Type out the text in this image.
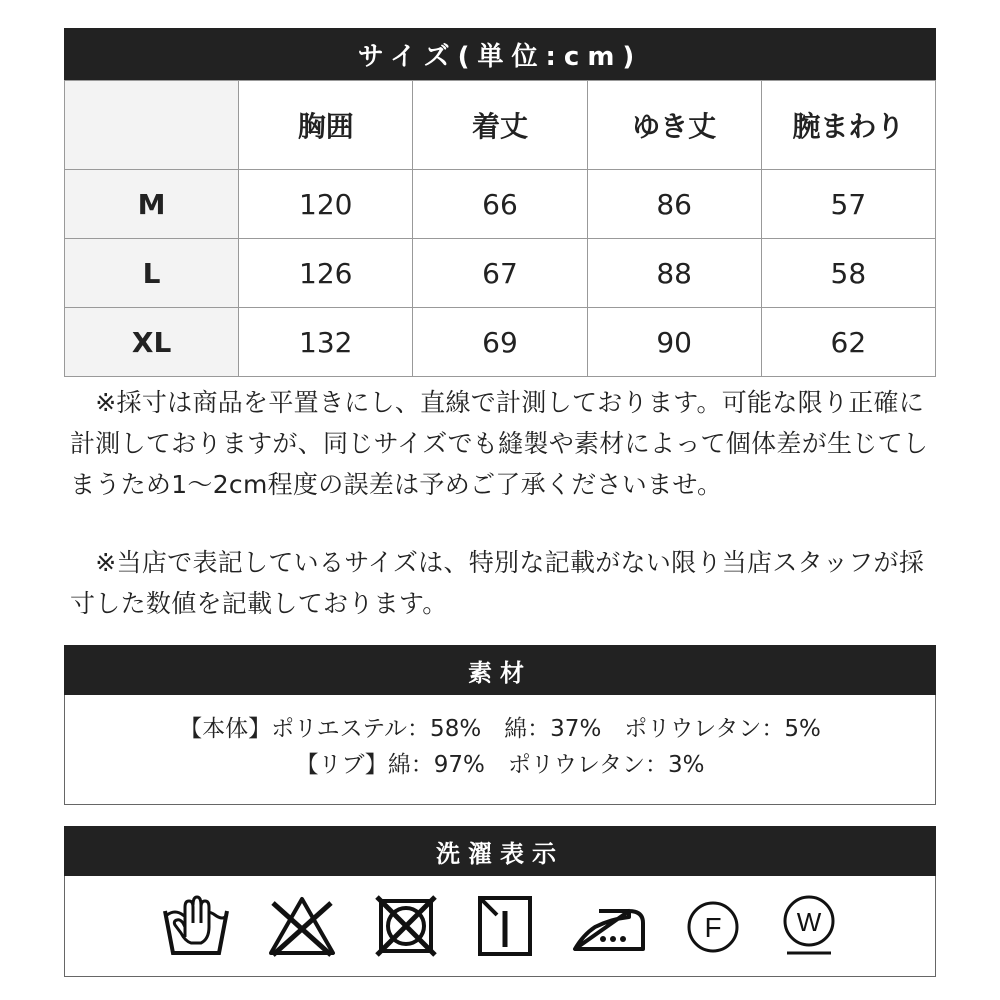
サイズ(単位:cm)
	胸囲	着丈	ゆき丈	腕まわり
M	120	66	86	57
L	126	67	88	58
XL	132	69	90	62
　※採寸は商品を平置きにし、直線で計測しております。可能な限り正確に計測しておりますが、同じサイズでも縫製や素材によって個体差が生じてしまうため1～2cm程度の誤差は予めご了承くださいませ。
　※当店で表記しているサイズは、特別な記載がない限り当店スタッフが採寸した数値を記載しております。
素材
【本体】ポリエステル：58%　綿：37%　ポリウレタン：5%
【リブ】綿：97%　ポリウレタン：3%
洗濯表示
F	W
